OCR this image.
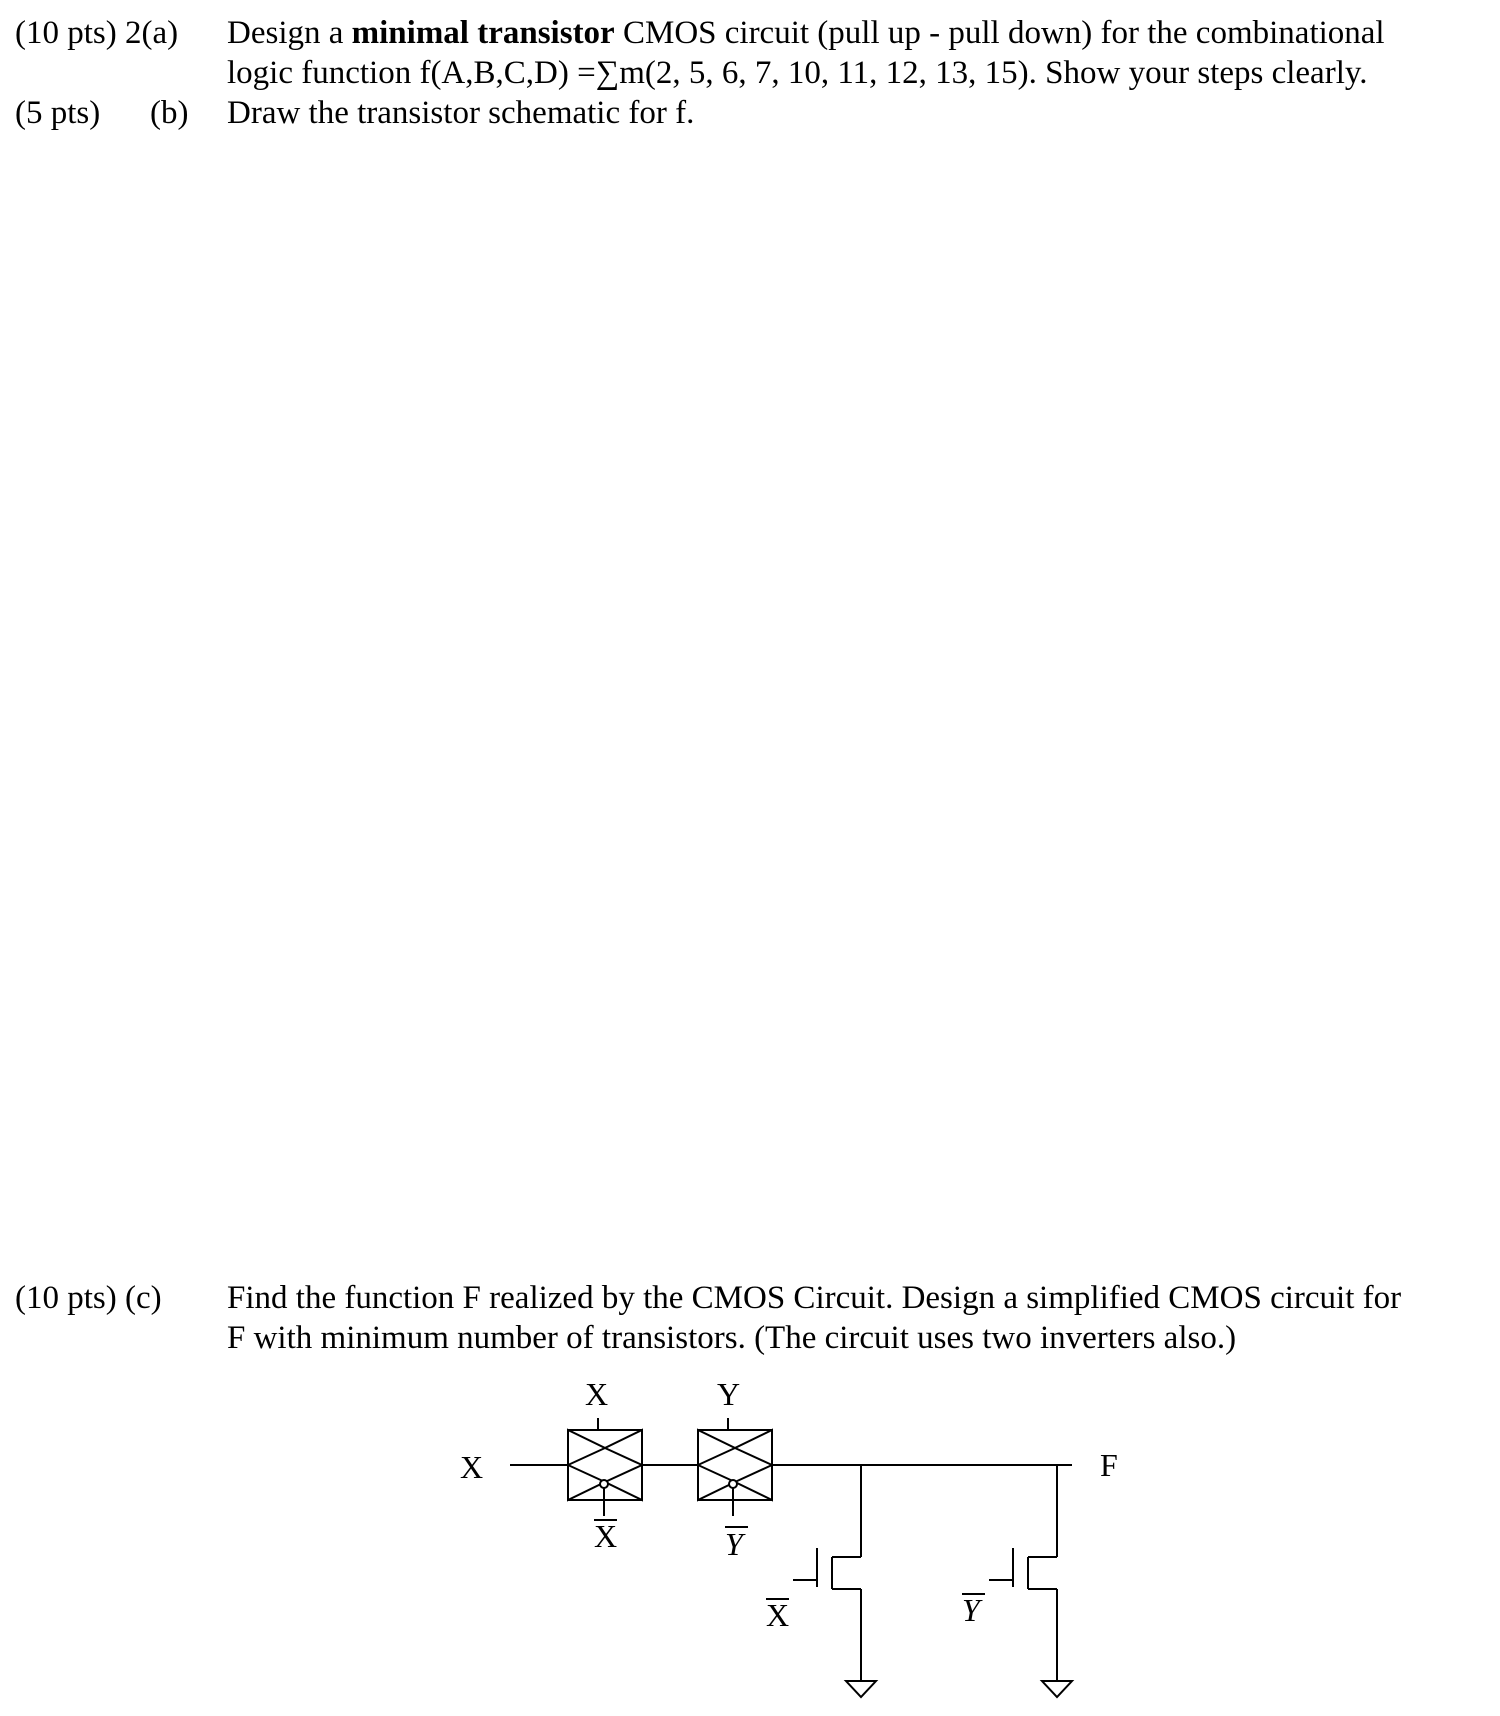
(10 pts) 2(a) Design a minimal transistor CMOS circuit (pull up - pull down) for the combinational
logic function f(A,B,C,D) =∑m(2, 5, 6, 7, 10, 11, 12, 13, 15). Show your steps clearly.
(5 pts) (b) Draw the transistor schematic for f.
(10 pts) (c) Find the function F realized by the CMOS Circuit. Design a simplified CMOS circuit for
F with minimum number of transistors. (The circuit uses two inverters also.)
X	F
X	Y
X	Y
X	Y
